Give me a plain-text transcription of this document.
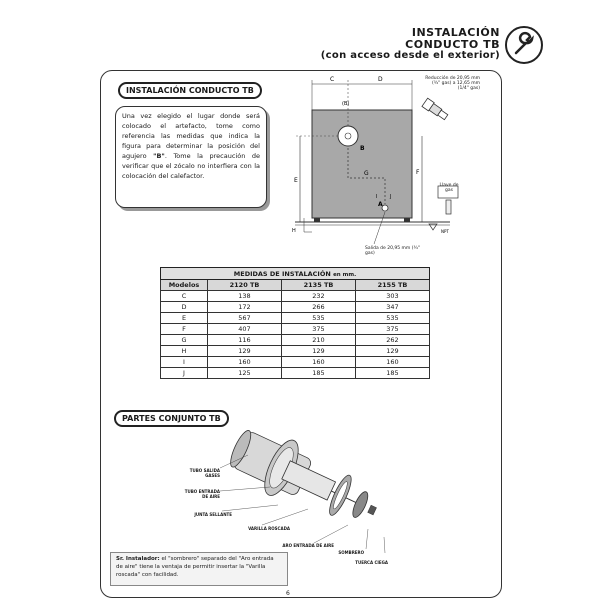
INSTALACIÓN
CONDUCTO TB
(con acceso desde el exterior)
INSTALACIÓN CONDUCTO TB
Una vez elegido el lugar donde será colocado el artefacto, tome como referencia las medidas que indica la figura para determinar la posición del agujero "B". Tome la precaución de verificar que el zócalo no interfiera con la colocación del calefactor.
C	D
E
F
G
I	J
H
B
A
(B)
NPT
Reducción de 20,95 mm (¾" gas) a 12,65 mm (1/4" gas)
Llave de gas
Salida de 20,95 mm (¾" gas)
MEDIDAS DE INSTALACIÓN en mm.			
Modelos	2120 TB	2135 TB	2155 TB
C	138	232	303
D	172	266	347
E	567	535	535
F	407	375	375
G	116	210	262
H	129	129	129
I	160	160	160
J	125	185	185
PARTES CONJUNTO TB
TUBO SALIDA GASES
TUBO ENTRADA DE AIRE
JUNTA SELLANTE
VARILLA ROSCADA
ARO ENTRADA DE AIRE
SOMBRERO
TUERCA CIEGA
Sr. Instalador: el "sombrero" separado del "Aro entrada de aire" tiene la ventaja de permitir insertar la "Varilla roscada" con facilidad.
6
